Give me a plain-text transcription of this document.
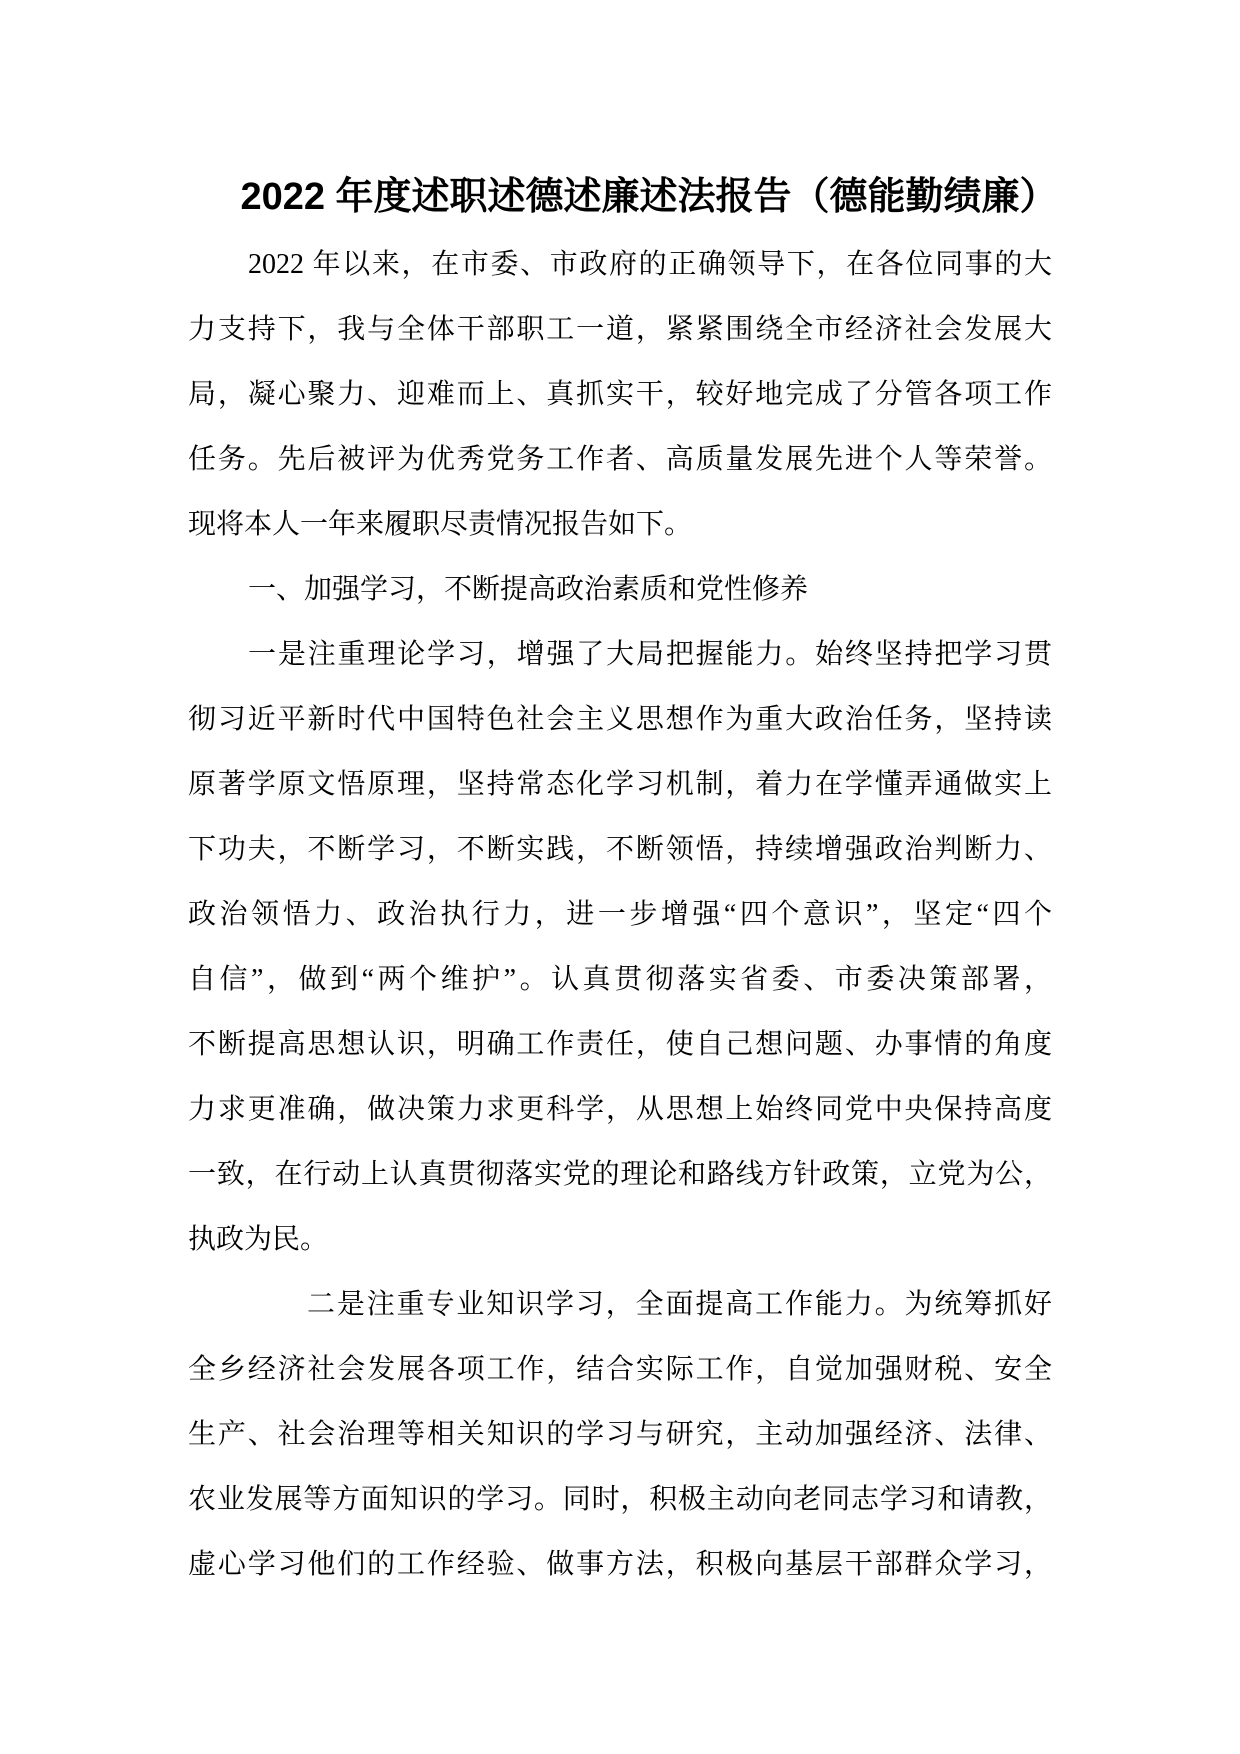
2022 年度述职述德述廉述法报告（德能勤绩廉）
2022 年以来，在市委、市政府的正确领导下，在各位同事的大
力支持下，我与全体干部职工一道，紧紧围绕全市经济社会发展大
局，凝心聚力、迎难而上、真抓实干，较好地完成了分管各项工作
任务。先后被评为优秀党务工作者、高质量发展先进个人等荣誉。
现将本人一年来履职尽责情况报告如下。
一、加强学习，不断提高政治素质和党性修养
一是注重理论学习，增强了大局把握能力。始终坚持把学习贯
彻习近平新时代中国特色社会主义思想作为重大政治任务，坚持读
原著学原文悟原理，坚持常态化学习机制，着力在学懂弄通做实上
下功夫，不断学习，不断实践，不断领悟，持续增强政治判断力、
政治领悟力、政治执行力，进一步增强“四个意识”，坚定“四个
自信”，做到“两个维护”。认真贯彻落实省委、市委决策部署，
不断提高思想认识，明确工作责任，使自己想问题、办事情的角度
力求更准确，做决策力求更科学，从思想上始终同党中央保持高度
一致，在行动上认真贯彻落实党的理论和路线方针政策，立党为公，
执政为民。
二是注重专业知识学习，全面提高工作能力。为统筹抓好
全乡经济社会发展各项工作，结合实际工作，自觉加强财税、安全
生产、社会治理等相关知识的学习与研究，主动加强经济、法律、
农业发展等方面知识的学习。同时，积极主动向老同志学习和请教，
虚心学习他们的工作经验、做事方法，积极向基层干部群众学习，
